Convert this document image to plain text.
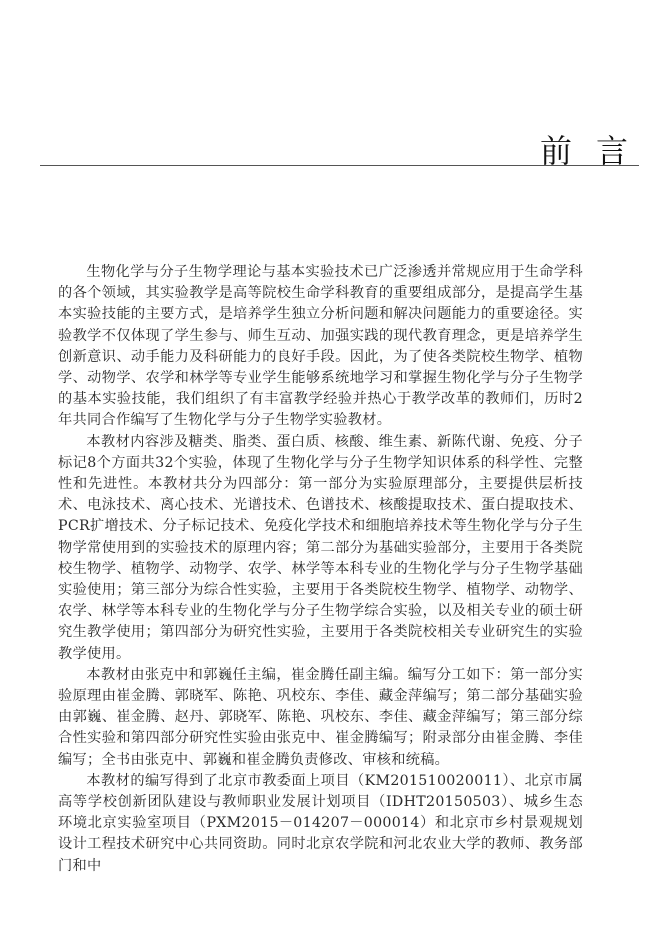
前言

生物化学与分子生物学理论与基本实验技术已广泛渗透并常规应用于生命学科的各个领域，其实验教学是高等院校生命学科教育的重要组成部分，是提高学生基本实验技能的主要方式，是培养学生独立分析问题和解决问题能力的重要途径。实验教学不仅体现了学生参与、师生互动、加强实践的现代教育理念，更是培养学生创新意识、动手能力及科研能力的良好手段。因此，为了使各类院校生物学、植物学、动物学、农学和林学等专业学生能够系统地学习和掌握生物化学与分子生物学的基本实验技能，我们组织了有丰富教学经验并热心于教学改革的教师们，历时2年共同合作编写了生物化学与分子生物学实验教材。

本教材内容涉及糖类、脂类、蛋白质、核酸、维生素、新陈代谢、免疫、分子标记8个方面共32个实验，体现了生物化学与分子生物学知识体系的科学性、完整性和先进性。本教材共分为四部分：第一部分为实验原理部分，主要提供层析技术、电泳技术、离心技术、光谱技术、色谱技术、核酸提取技术、蛋白提取技术、PCR扩增技术、分子标记技术、免疫化学技术和细胞培养技术等生物化学与分子生物学常使用到的实验技术的原理内容；第二部分为基础实验部分，主要用于各类院校生物学、植物学、动物学、农学、林学等本科专业的生物化学与分子生物学基础实验使用；第三部分为综合性实验，主要用于各类院校生物学、植物学、动物学、农学、林学等本科专业的生物化学与分子生物学综合实验，以及相关专业的硕士研究生教学使用；第四部分为研究性实验，主要用于各类院校相关专业研究生的实验教学使用。

本教材由张克中和郭巍任主编，崔金腾任副主编。编写分工如下：第一部分实验原理由崔金腾、郭晓军、陈艳、巩校东、李佳、藏金萍编写；第二部分基础实验由郭巍、崔金腾、赵丹、郭晓军、陈艳、巩校东、李佳、藏金萍编写；第三部分综合性实验和第四部分研究性实验由张克中、崔金腾编写；附录部分由崔金腾、李佳编写；全书由张克中、郭巍和崔金腾负责修改、审核和统稿。

本教材的编写得到了北京市教委面上项目（KM201510020011）、北京市属高等学校创新团队建设与教师职业发展计划项目（IDHT20150503）、城乡生态环境北京实验室项目（PXM2015－014207－000014）和北京市乡村景观规划设计工程技术研究中心共同资助。同时北京农学院和河北农业大学的教师、教务部门和中
